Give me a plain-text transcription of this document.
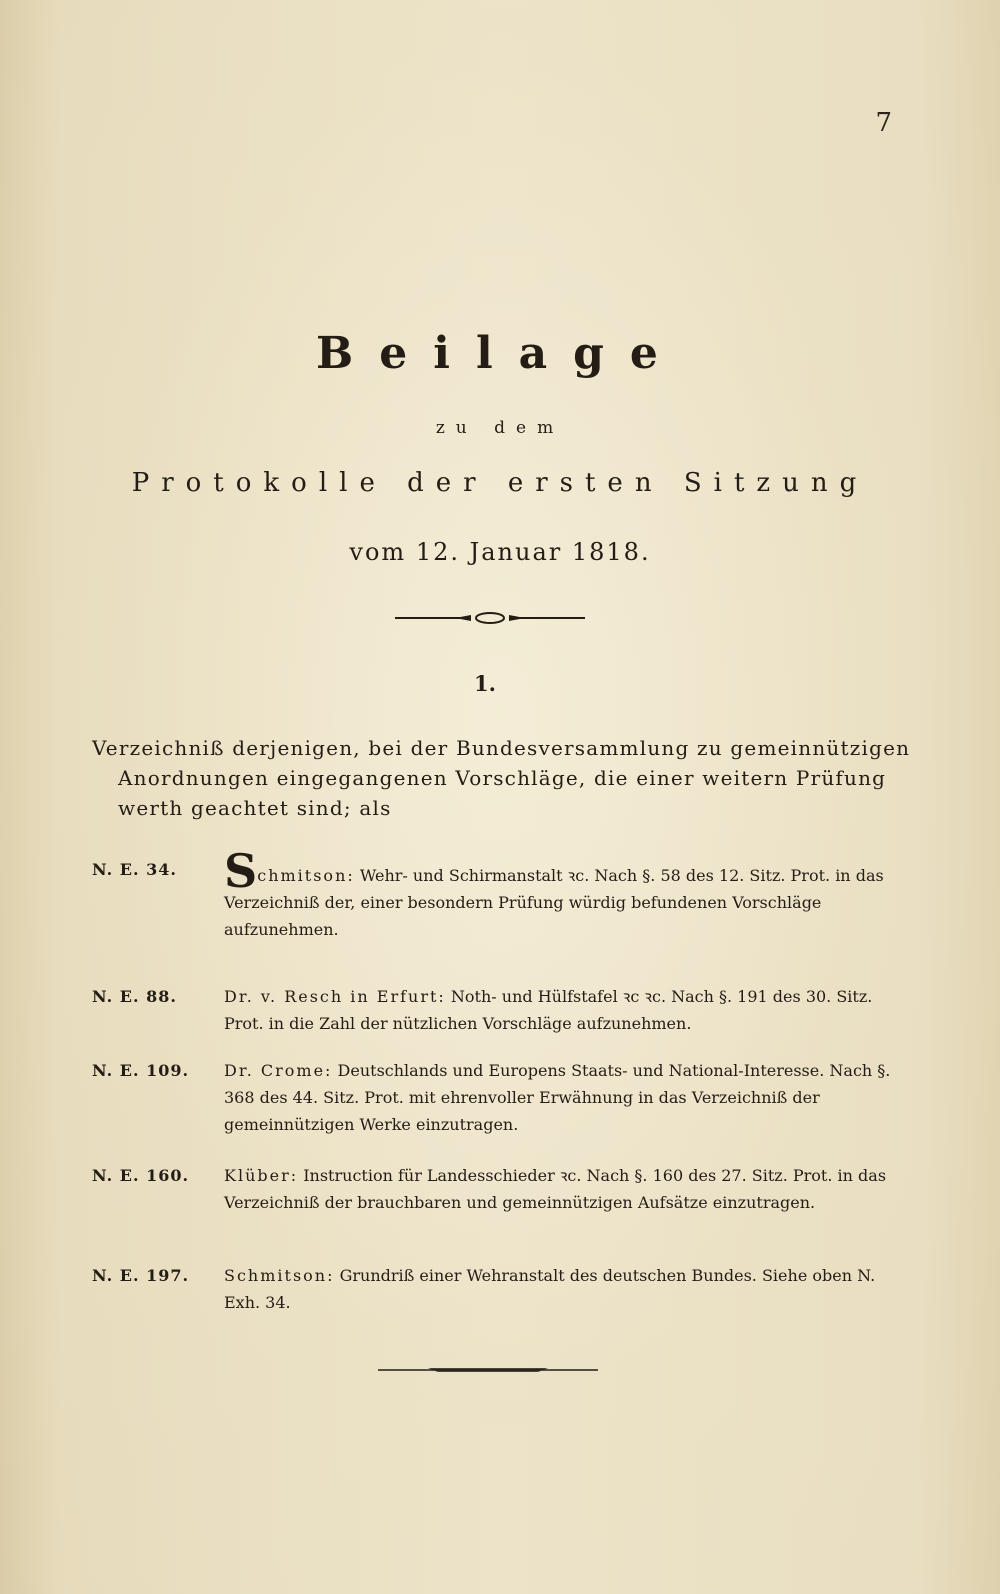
7
Beilage
zu dem
Protokolle der ersten Sitzung
vom 12. Januar 1818.
1.
Verzeichniß derjenigen, bei der Bundesversammlung zu gemeinnützigen Anordnungen eingegangenen Vorschläge, die einer weitern Prüfung werth geachtet sind; als
N. E. 34.	Schmitson: Wehr- und Schirmanstalt ꝛc. Nach §. 58 des 12. Sitz. Prot. in das Verzeichniß der, einer besondern Prüfung würdig befundenen Vorschläge aufzunehmen.
N. E. 88.	Dr. v. Resch in Erfurt: Noth- und Hülfstafel ꝛc ꝛc. Nach §. 191 des 30. Sitz. Prot. in die Zahl der nützlichen Vorschläge aufzunehmen.
N. E. 109.	Dr. Crome: Deutschlands und Europens Staats- und National-Interesse. Nach §. 368 des 44. Sitz. Prot. mit ehrenvoller Erwähnung in das Verzeichniß der gemeinnützigen Werke einzutragen.
N. E. 160.	Klüber: Instruction für Landesschieder ꝛc. Nach §. 160 des 27. Sitz. Prot. in das Verzeichniß der brauchbaren und gemeinnützigen Aufsätze einzutragen.
N. E. 197.	Schmitson: Grundriß einer Wehranstalt des deutschen Bundes. Siehe oben N. Exh. 34.
